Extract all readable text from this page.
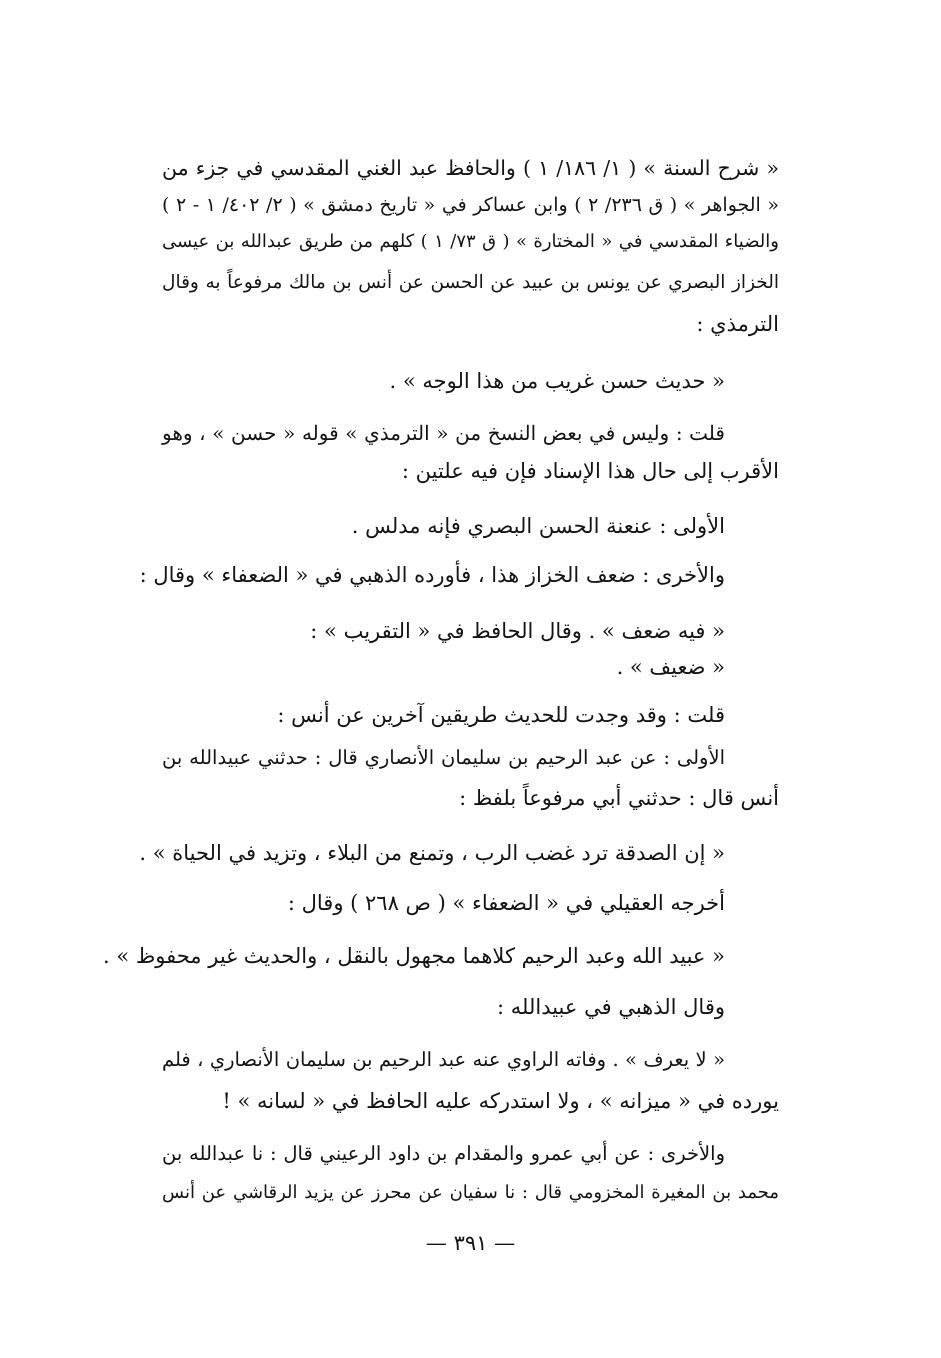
« شرح السنة » ( ١/ ١٨٦/ ١ ) والحافظ عبد الغني المقدسي في جزء من
« الجواهر » ( ق ٢٣٦/ ٢ ) وابن عساكر في « تاريخ دمشق » ( ٢/ ٤٠٢/ ١ - ٢ )
والضياء المقدسي في « المختارة » ( ق ٧٣/ ١ ) كلهم من طريق عبدالله بن عيسى
الخزاز البصري عن يونس بن عبيد عن الحسن عن أنس بن مالك مرفوعاً به وقال
الترمذي :
« حديث حسن غريب من هذا الوجه » .
قلت : وليس في بعض النسخ من « الترمذي » قوله « حسن » ، وهو
الأقرب إلى حال هذا الإسناد فإن فيه علتين :
الأولى : عنعنة الحسن البصري فإنه مدلس .
والأخرى : ضعف الخزاز هذا ، فأورده الذهبي في « الضعفاء » وقال :
« فيه ضعف » . وقال الحافظ في « التقريب » :
« ضعيف » .
قلت : وقد وجدت للحديث طريقين آخرين عن أنس :
الأولى : عن عبد الرحيم بن سليمان الأنصاري قال : حدثني عبيدالله بن
أنس قال : حدثني أبي مرفوعاً بلفظ :
« إن الصدقة ترد غضب الرب ، وتمنع من البلاء ، وتزيد في الحياة » .
أخرجه العقيلي في « الضعفاء » ( ص ٢٦٨ ) وقال :
« عبيد الله وعبد الرحيم كلاهما مجهول بالنقل ، والحديث غير محفوظ » .
وقال الذهبي في عبيدالله :
« لا يعرف » . وفاته الراوي عنه عبد الرحيم بن سليمان الأنصاري ، فلم
يورده في « ميزانه » ، ولا استدركه عليه الحافظ في « لسانه » !
والأخرى : عن أبي عمرو والمقدام بن داود الرعيني قال : نا عبدالله بن
محمد بن المغيرة المخزومي قال : نا سفيان عن محرز عن يزيد الرقاشي عن أنس
— ٣٩١ —
